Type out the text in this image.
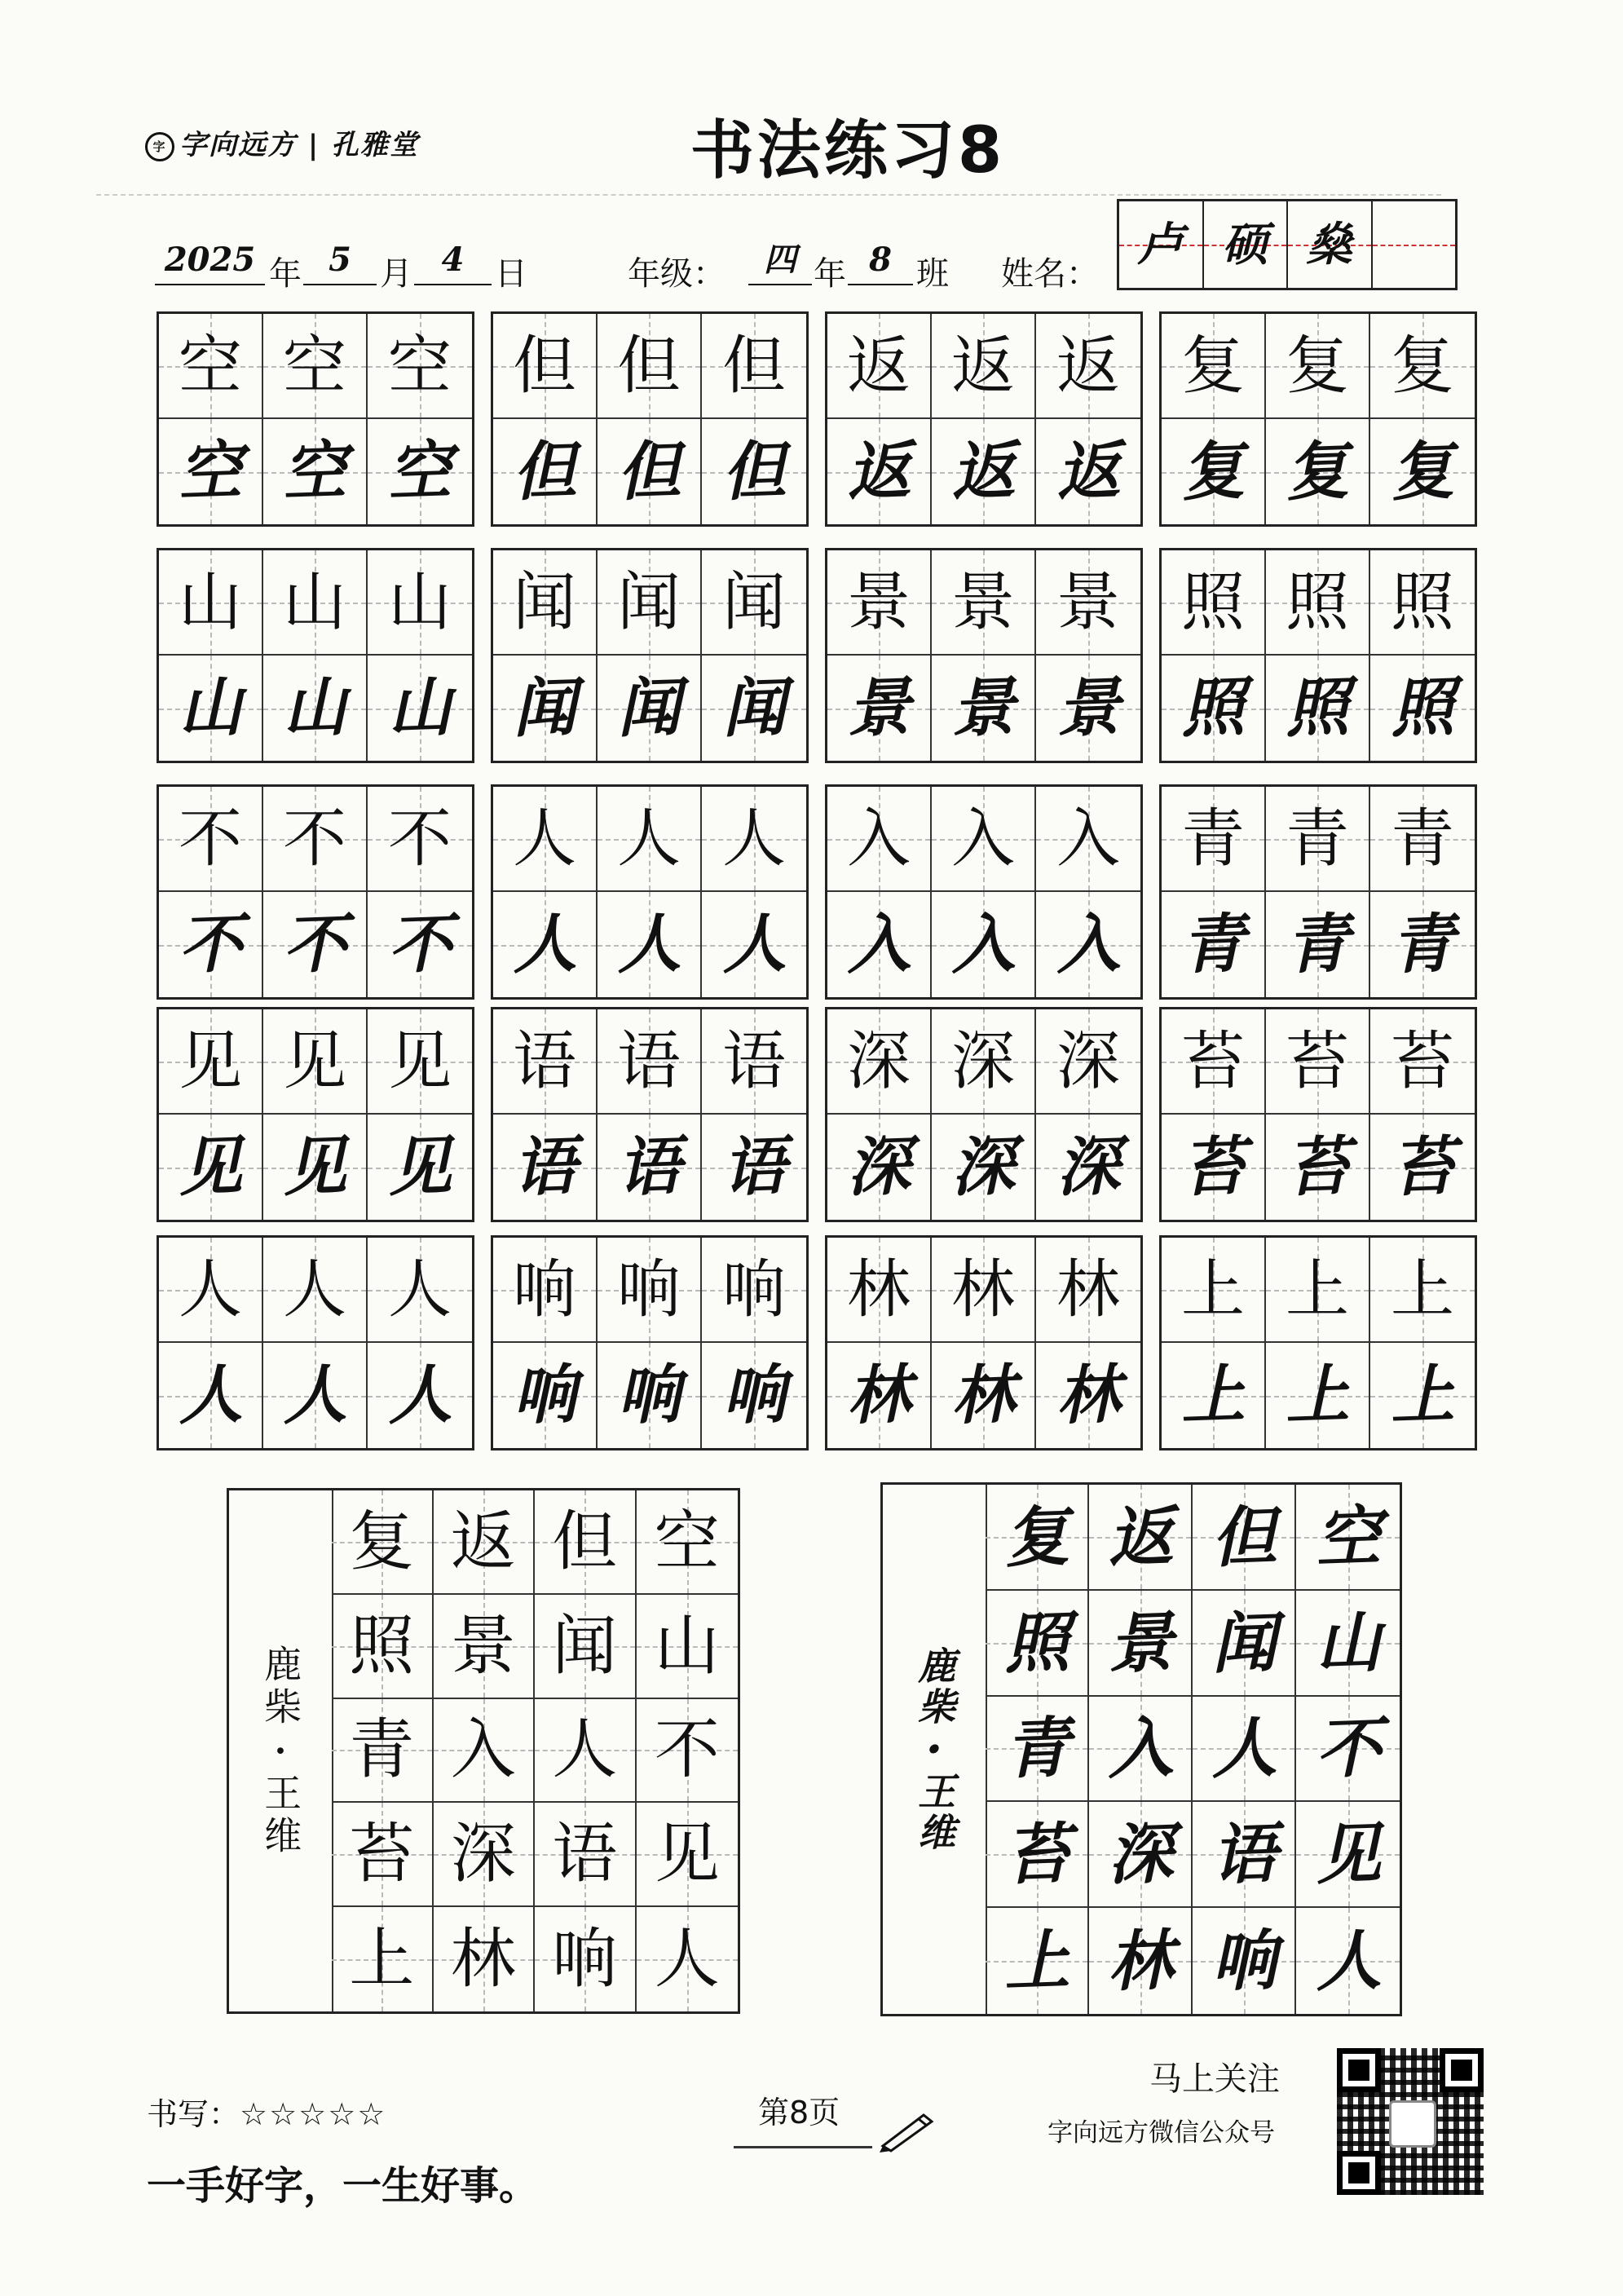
字 字向远方 | 孔雅堂	书法练习8
2025 年 5 月 4 日	年级：	四 年 8 班 姓名：
卢 硕 燊
空 空 空
空 空 空
但 但 但
但 但 但
返 返 返
返 返 返
复 复 复
复 复 复
山 山 山
山 山 山
闻 闻 闻
闻 闻 闻
景 景 景
景 景 景
照 照 照
照 照 照
不 不 不
不 不 不
人 人 人
人 人 人
入 入 入
入 入 入
青 青 青
青 青 青
见 见 见
见 见 见
语 语 语
语 语 语
深 深 深
深 深 深
苔 苔 苔
苔 苔 苔
人 人 人
人 人 人
响 响 响
响 响 响
林 林 林
林 林 林
上 上 上
上 上 上
鹿柴
·
王维
复 返 但 空
照 景 闻 山
青 入 人 不
苔 深 语 见
上 林 响 人
鹿柴
·
王维
复 返 但 空
照 景 闻 山
青 入 人 不
苔 深 语 见
上 林 响 人
书写：☆☆☆☆☆	第8页
一手好字，一生好事。
马上关注
字向远方微信公众号
